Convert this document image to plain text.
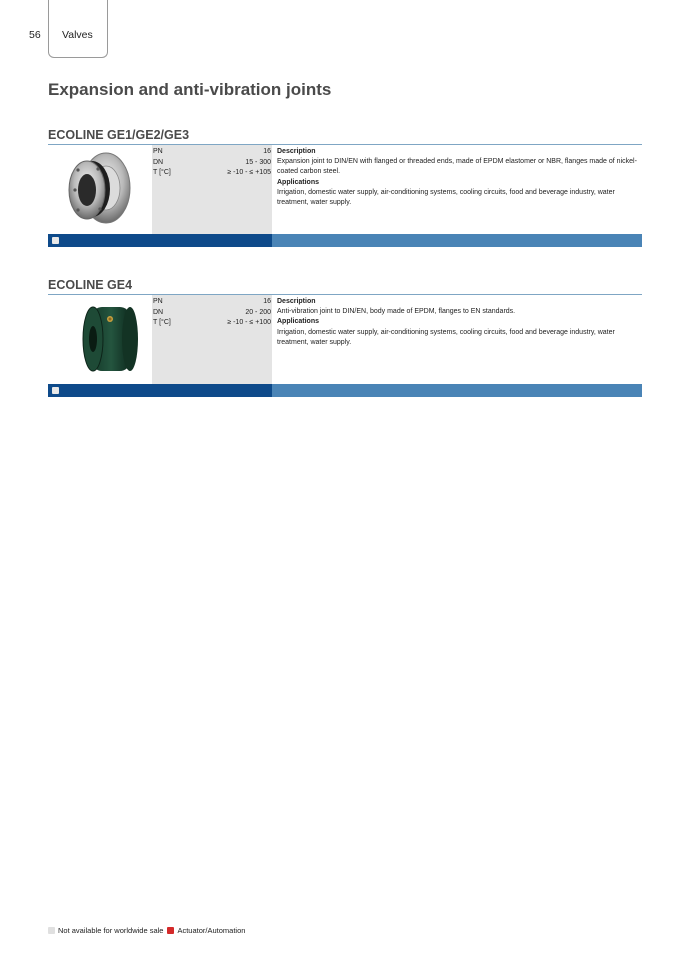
56 Valves
Expansion and anti-vibration joints
ECOLINE GE1/GE2/GE3
PN	16
DN	15 - 300
T [°C]	≥ -10 - ≤ +105
Description
Expansion joint to DIN/EN with flanged or threaded ends, made of EPDM elastomer or NBR, flanges made of nickel-coated carbon steel.
Applications
Irrigation, domestic water supply, air-conditioning systems, cooling circuits, food and beverage industry, water treatment, water supply.
ECOLINE GE4
PN	16
DN	20 - 200
T [°C]	≥ -10 - ≤ +100
Description
Anti-vibration joint to DIN/EN, body made of EPDM, flanges to EN standards.
Applications
Irrigation, domestic water supply, air-conditioning systems, cooling circuits, food and beverage industry, water treatment, water supply.
Not available for worldwide sale Actuator/Automation
